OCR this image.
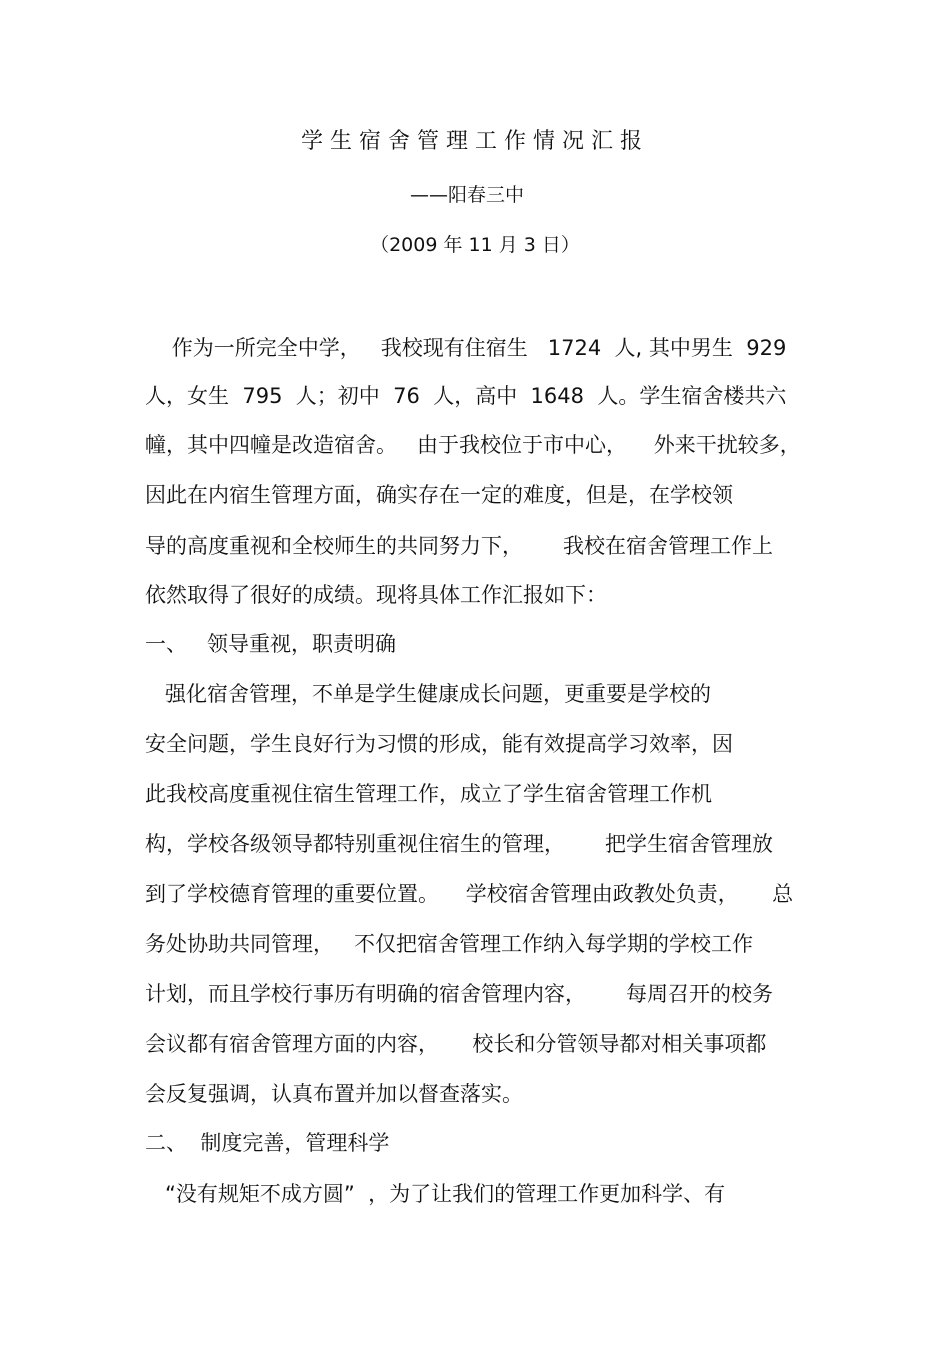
学生宿舍管理工作情况汇报
——阳春三中
（2009 年 11 月 3 日）
作为一所完全中学，   我校现有住宿生   1724  人, 其中男生  929
人，女生  795  人；初中  76  人，高中  1648  人。学生宿舍楼共六
幢，其中四幢是改造宿舍。   由于我校位于市中心，    外来干扰较多，
因此在内宿生管理方面，确实存在一定的难度，但是，在学校领
导的高度重视和全校师生的共同努力下，      我校在宿舍管理工作上
依然取得了很好的成绩。现将具体工作汇报如下：
一、   领导重视，职责明确
强化宿舍管理，不单是学生健康成长问题，更重要是学校的
安全问题，学生良好行为习惯的形成，能有效提高学习效率，因
此我校高度重视住宿生管理工作，成立了学生宿舍管理工作机
构，学校各级领导都特别重视住宿生的管理，      把学生宿舍管理放
到了学校德育管理的重要位置。    学校宿舍管理由政教处负责，     总
务处协助共同管理，   不仅把宿舍管理工作纳入每学期的学校工作
计划，而且学校行事历有明确的宿舍管理内容，      每周召开的校务
会议都有宿舍管理方面的内容，     校长和分管领导都对相关事项都
会反复强调，认真布置并加以督查落实。
二、  制度完善，管理科学
“没有规矩不成方圆”  ，为了让我们的管理工作更加科学、有
